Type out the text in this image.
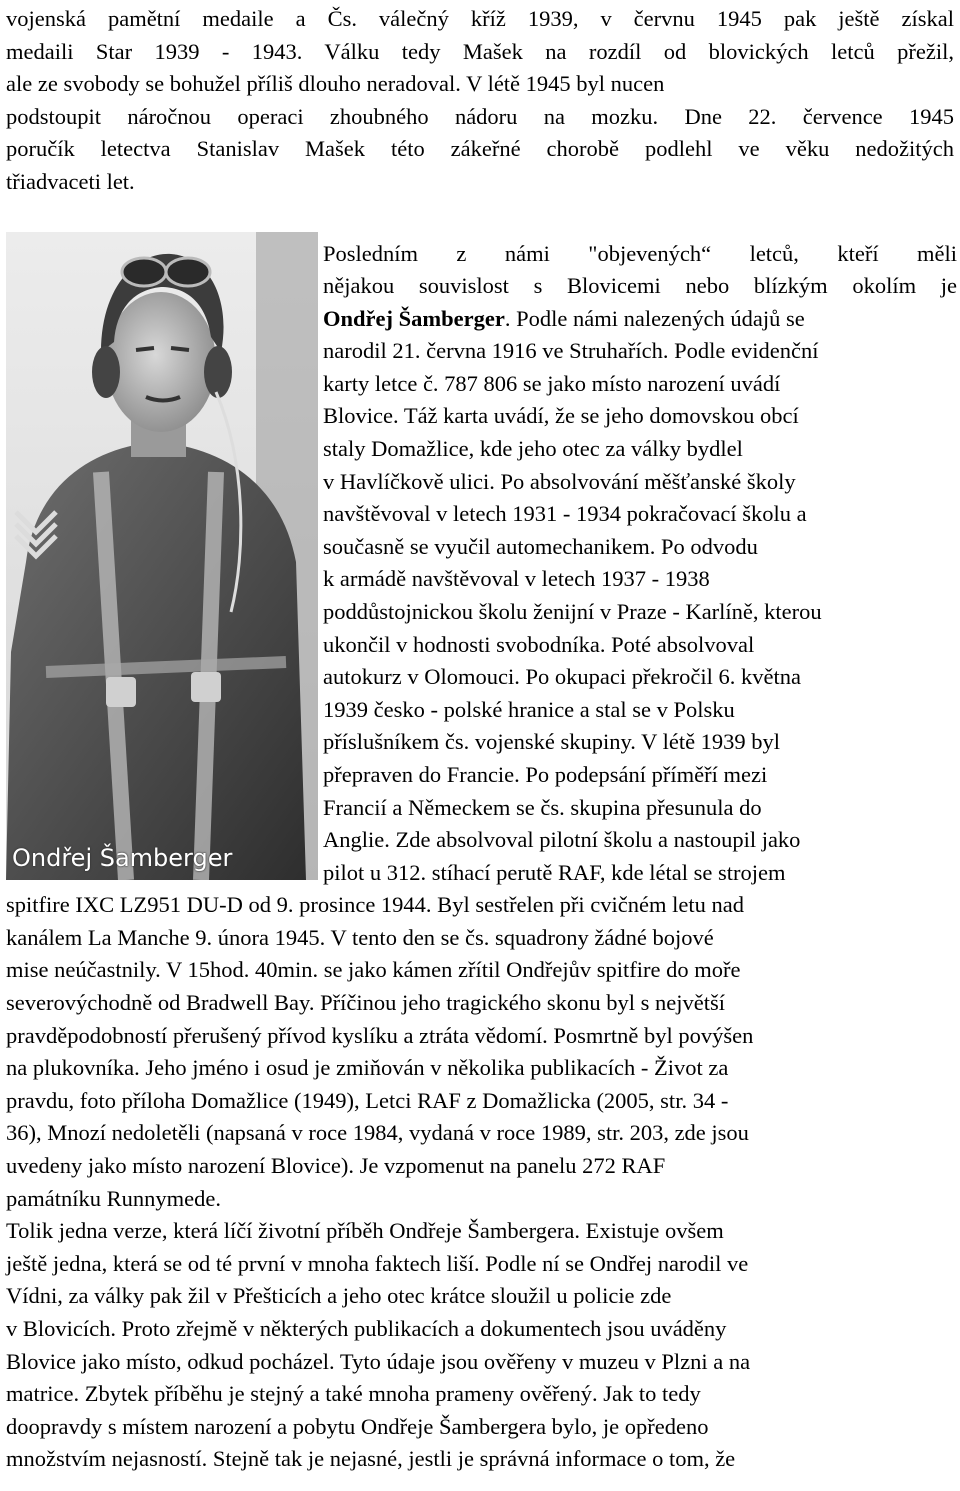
vojenská pamětní medaile a Čs. válečný kříž 1939, v červnu 1945 pak ještě získal
medaili Star 1939 - 1943. Válku tedy Mašek na rozdíl od blovických letců přežil,
ale ze svobody se bohužel příliš dlouho neradoval. V létě 1945 byl nucen
podstoupit náročnou operaci zhoubného nádoru na mozku. Dne 22. července 1945
poručík letectva Stanislav Mašek této zákeřné chorobě podlehl ve věku nedožitých
třiadvaceti let.
Ondřej Šamberger
Posledním z námi "objevených“ letců, kteří měli
nějakou souvislost s Blovicemi nebo blízkým okolím je
Ondřej Šamberger. Podle námi nalezených údajů se
narodil 21. června 1916 ve Struhařích. Podle evidenční
karty letce č. 787 806 se jako místo narození uvádí
Blovice. Táž karta uvádí, že se jeho domovskou obcí
staly Domažlice, kde jeho otec za války bydlel
v Havlíčkově ulici. Po absolvování měšťanské školy
navštěvoval v letech 1931 - 1934 pokračovací školu a
současně se vyučil automechanikem. Po odvodu
k armádě navštěvoval v letech 1937 - 1938
poddůstojnickou školu ženijní v Praze - Karlíně, kterou
ukončil v hodnosti svobodníka. Poté absolvoval
autokurz v Olomouci. Po okupaci překročil 6. května
1939 česko - polské hranice a stal se v Polsku
příslušníkem čs. vojenské skupiny. V létě 1939 byl
přepraven do Francie. Po podepsání příměří mezi
Francií a Německem se čs. skupina přesunula do
Anglie. Zde absolvoval pilotní školu a nastoupil jako
pilot u 312. stíhací perutě RAF, kde létal se strojem
spitfire IXC LZ951 DU-D od 9. prosince 1944. Byl sestřelen při cvičném letu nad
kanálem La Manche 9. února 1945. V tento den se čs. squadrony žádné bojové
mise neúčastnily. V 15hod. 40min. se jako kámen zřítil Ondřejův spitfire do moře
severovýchodně od Bradwell Bay. Příčinou jeho tragického skonu byl s největší
pravděpodobností přerušený přívod kyslíku a ztráta vědomí. Posmrtně byl povýšen
na plukovníka. Jeho jméno i osud je zmiňován v několika publikacích - Život za
pravdu, foto příloha Domažlice (1949), Letci RAF z Domažlicka (2005, str. 34 -
36), Mnozí nedoletěli (napsaná v roce 1984, vydaná v roce 1989, str. 203, zde jsou
uvedeny jako místo narození Blovice). Je vzpomenut na panelu 272 RAF
památníku Runnymede.
Tolik jedna verze, která líčí životní příběh Ondřeje Šambergera. Existuje ovšem
ještě jedna, která se od té první v mnoha faktech liší. Podle ní se Ondřej narodil ve
Vídni, za války pak žil v Přešticích a jeho otec krátce sloužil u policie zde
v Blovicích. Proto zřejmě v některých publikacích a dokumentech jsou uváděny
Blovice jako místo, odkud pocházel. Tyto údaje jsou ověřeny v muzeu v Plzni a na
matrice. Zbytek příběhu je stejný a také mnoha prameny ověřený. Jak to tedy
doopravdy s místem narození a pobytu Ondřeje Šambergera bylo, je opředeno
množstvím nejasností. Stejně tak je nejasné, jestli je správná informace o tom, že
